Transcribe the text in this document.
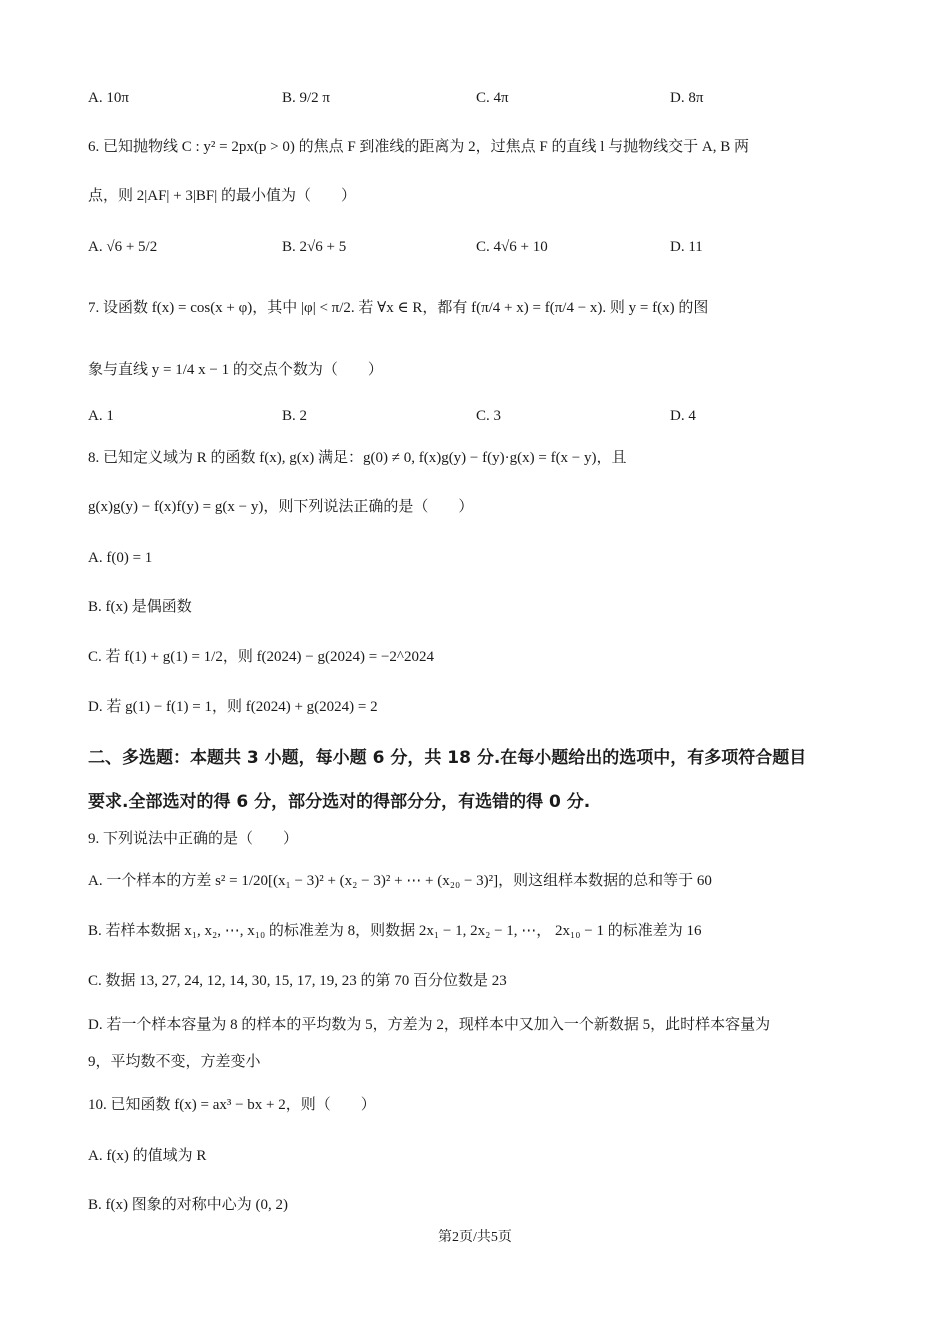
A. 10π	B. 9/2 π	C. 4π	D. 8π
6. 已知抛物线 C : y² = 2px(p > 0) 的焦点 F 到准线的距离为 2，过焦点 F 的直线 l 与抛物线交于 A, B 两
点，则 2|AF| + 3|BF| 的最小值为（　　）
A. √6 + 5/2	B. 2√6 + 5	C. 4√6 + 10	D. 11
7. 设函数 f(x) = cos(x + φ)，其中 |φ| < π/2. 若 ∀x ∈ R，都有 f(π/4 + x) = f(π/4 − x). 则 y = f(x) 的图
象与直线 y = 1/4 x − 1 的交点个数为（　　）
A. 1	B. 2	C. 3	D. 4
8. 已知定义域为 R 的函数 f(x), g(x) 满足：g(0) ≠ 0, f(x)g(y) − f(y)·g(x) = f(x − y)，且
g(x)g(y) − f(x)f(y) = g(x − y)，则下列说法正确的是（　　）
A. f(0) = 1
B. f(x) 是偶函数
C. 若 f(1) + g(1) = 1/2，则 f(2024) − g(2024) = −2^2024
D. 若 g(1) − f(1) = 1，则 f(2024) + g(2024) = 2
二、多选题：本题共 3 小题，每小题 6 分，共 18 分.在每小题给出的选项中，有多项符合题目
要求.全部选对的得 6 分，部分选对的得部分分，有选错的得 0 分.
9. 下列说法中正确的是（　　）
A. 一个样本的方差 s² = 1/20[(x₁ − 3)² + (x₂ − 3)² + ⋯ + (x₂₀ − 3)²]，则这组样本数据的总和等于 60
B. 若样本数据 x₁, x₂, ⋯, x₁₀ 的标准差为 8，则数据 2x₁ − 1, 2x₂ − 1, ⋯， 2x₁₀ − 1 的标准差为 16
C. 数据 13, 27, 24, 12, 14, 30, 15, 17, 19, 23 的第 70 百分位数是 23
D. 若一个样本容量为 8 的样本的平均数为 5，方差为 2，现样本中又加入一个新数据 5，此时样本容量为
9，平均数不变，方差变小
10. 已知函数 f(x) = ax³ − bx + 2，则（　　）
A. f(x) 的值域为 R
B. f(x) 图象的对称中心为 (0, 2)
第2页/共5页
